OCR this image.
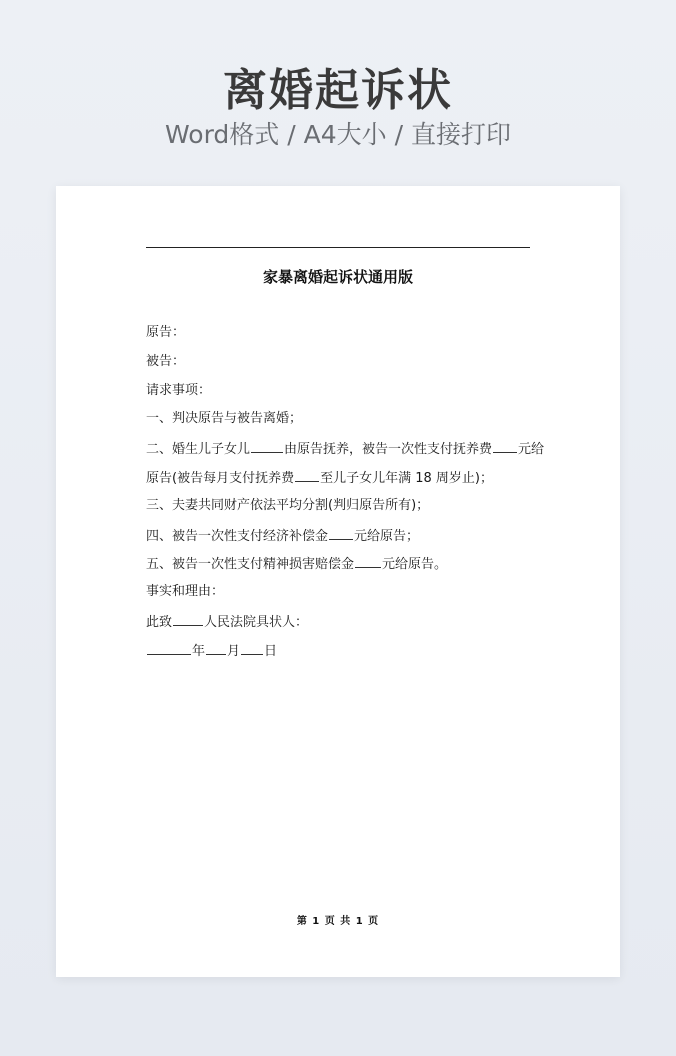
离婚起诉状
Word格式 / A4大小 / 直接打印
家暴离婚起诉状通用版
原告：
被告：
请求事项：
一、判决原告与被告离婚；
二、婚生儿子女儿	由原告抚养，被告一次性支付抚养费 元给
原告(被告每月支付抚养费 至儿子女儿年满 18 周岁止)；
三、夫妻共同财产依法平均分割(判归原告所有)；
四、被告一次性支付经济补偿金 元给原告；
五、被告一次性支付精神损害赔偿金 元给原告。
事实和理由：
此致 人民法院具状人：
年 月 日
第 1 页 共 1 页
